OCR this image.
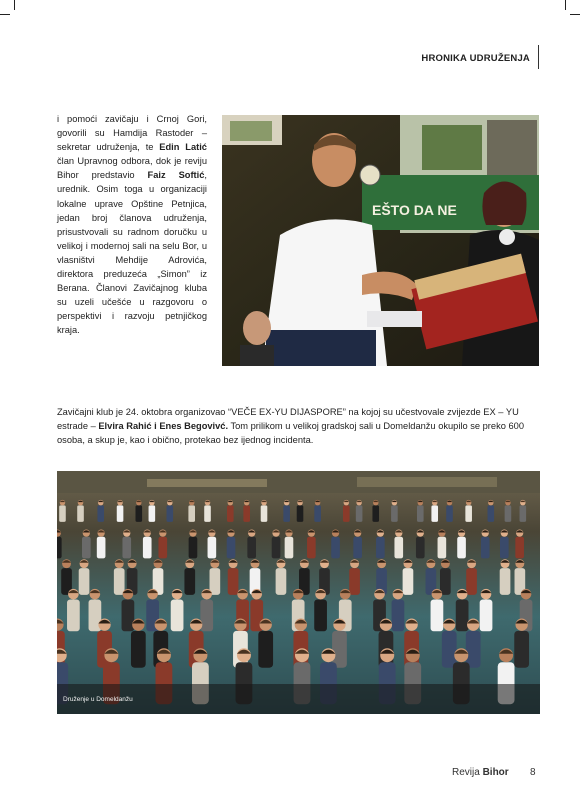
HRONIKA UDRUŽENJA
i pomoći zavičaju i Crnoj Gori, govorili su Hamdija Rastoder – sekretar udruženja, te Edin Latić član Upravnog odbora, dok je reviju Bihor predstavio Faiz Softić, urednik. Osim toga u organizaciji lokalne uprave Opštine Petnjica, jedan broj članova udruženja, prisustvovali su radnom doručku u velikoj i modernoj sali na selu Bor, u vlasništvi Mehdije Adrovića, direktora preduzeća „Simon” iz Berana. Članovi Zavičajnog kluba su uzeli učešće u razgovoru o perspektivi i razvoju petnjičkog kraja.
EŠTO DA NE
Zavičajni klub je 24. oktobra organizovao “VEČE EX-YU DIJASPORE” na kojoj su učestvovale zvijezde EX – YU estrade – Elvira Rahić i Enes Begovivć. Tom prilikom u velikoj gradskoj sali u Domeldanžu okupilo se preko 600 osoba, a skup je, kao i obično, protekao bez ijednog incidenta.
Druženje u Domeldanžu
Revija Bihor 8
